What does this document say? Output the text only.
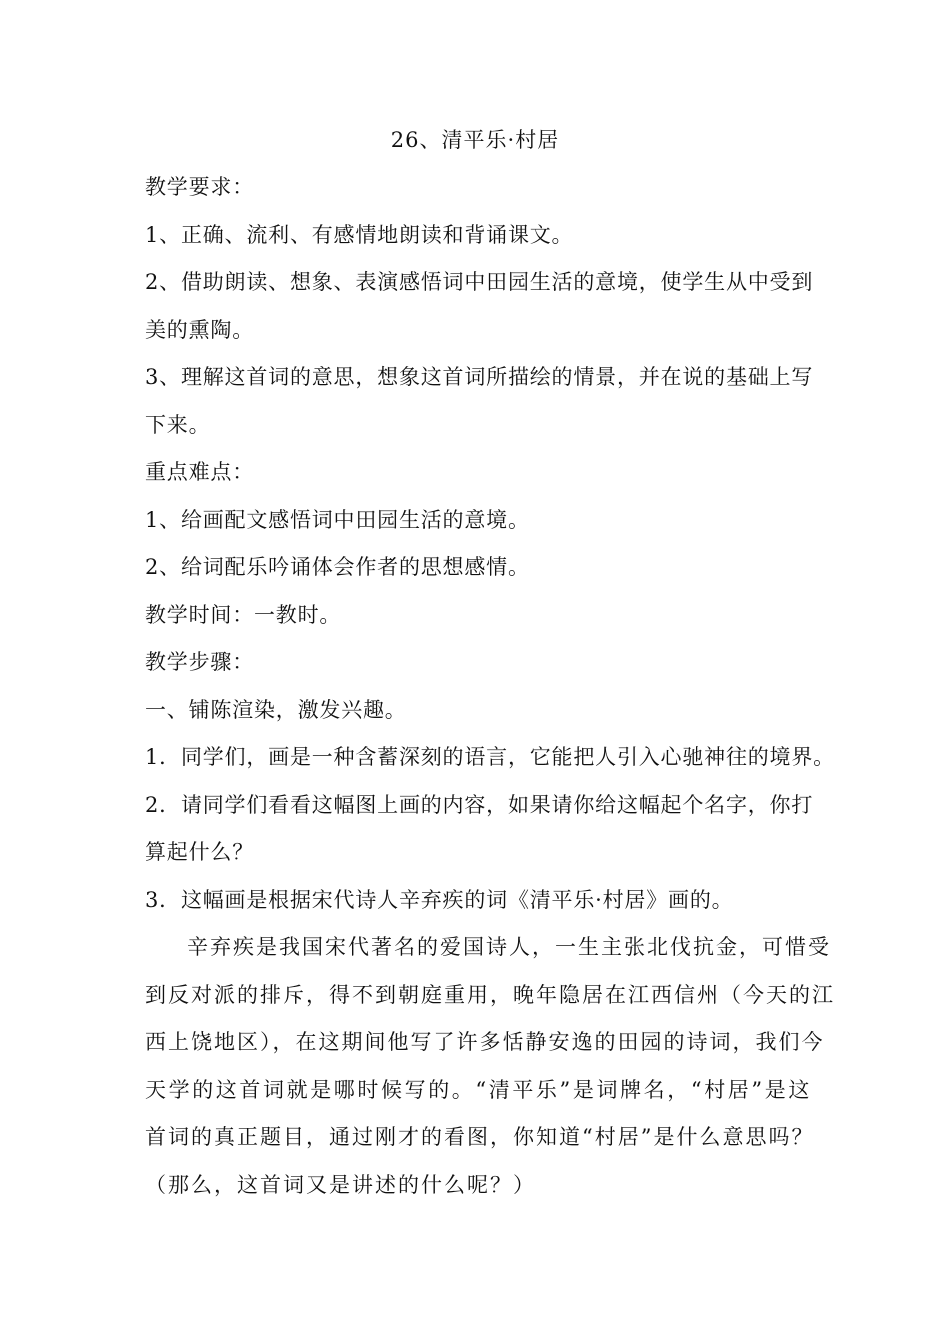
26、清平乐·村居
教学要求：
1、正确、流利、有感情地朗读和背诵课文。
2、借助朗读、想象、表演感悟词中田园生活的意境，使学生从中受到
美的熏陶。
3、理解这首词的意思，想象这首词所描绘的情景，并在说的基础上写
下来。
重点难点：
1、给画配文感悟词中田园生活的意境。
2、给词配乐吟诵体会作者的思想感情。
教学时间：一教时。
教学步骤：
一、铺陈渲染，激发兴趣。
1．同学们，画是一种含蓄深刻的语言，它能把人引入心驰神往的境界。
2．请同学们看看这幅图上画的内容，如果请你给这幅起个名字，你打
算起什么？
3．这幅画是根据宋代诗人辛弃疾的词《清平乐·村居》画的。
辛弃疾是我国宋代著名的爱国诗人，一生主张北伐抗金，可惜受
到反对派的排斥，得不到朝庭重用，晚年隐居在江西信州（今天的江
西上饶地区），在这期间他写了许多恬静安逸的田园的诗词，我们今
天学的这首词就是哪时候写的。“清平乐”是词牌名，“村居”是这
首词的真正题目，通过刚才的看图，你知道“村居”是什么意思吗？
（那么，这首词又是讲述的什么呢？）
